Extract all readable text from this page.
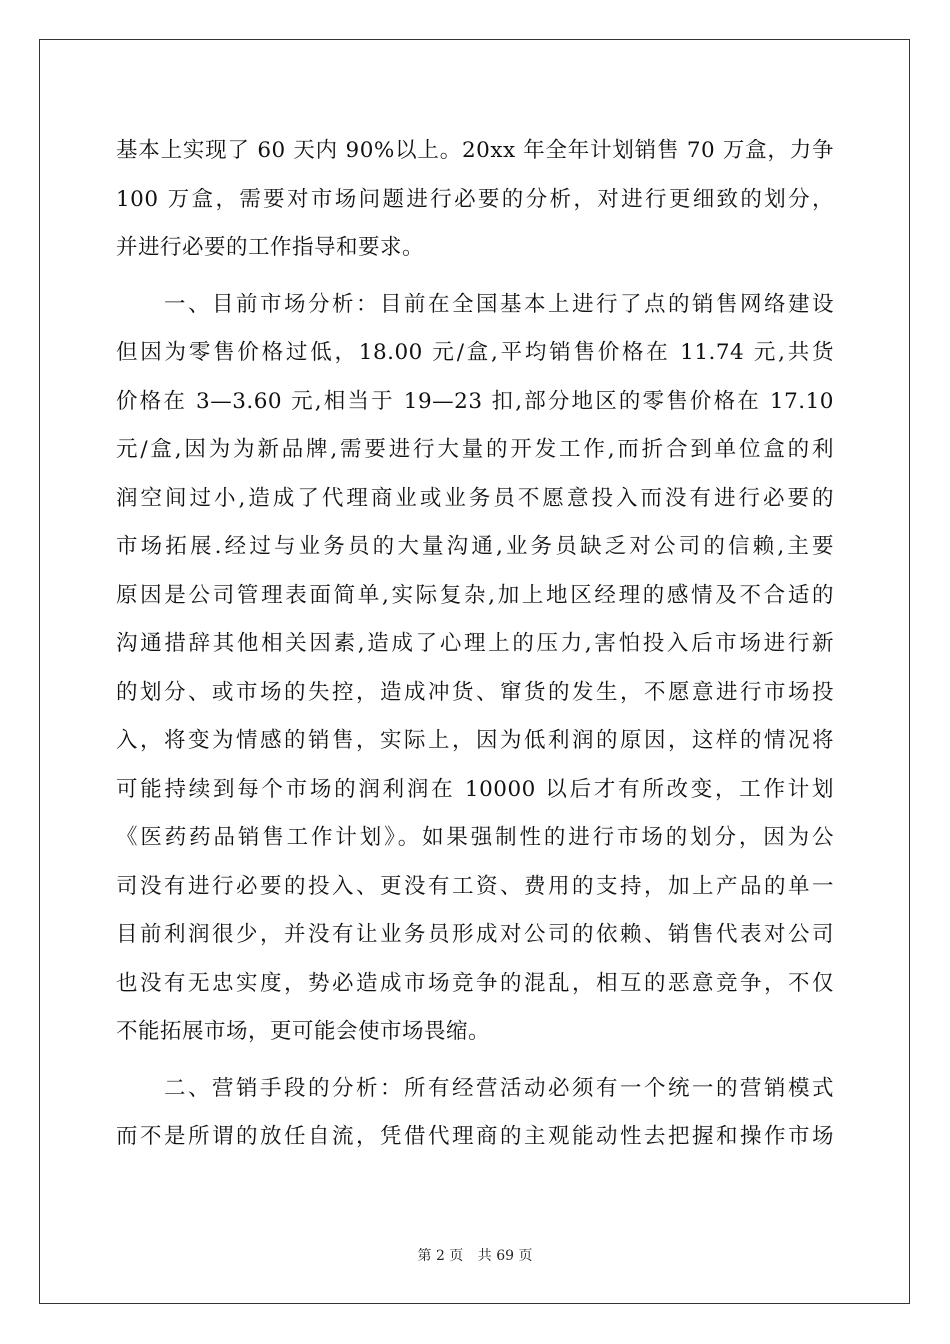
基本上实现了 60 天内 90%以上。20xx 年全年计划销售 70 万盒，力争
100 万盒，需要对市场问题进行必要的分析，对进行更细致的划分，
并进行必要的工作指导和要求。
　　一、目前市场分析：目前在全国基本上进行了点的销售网络建设
但因为零售价格过低，18.00 元/盒,平均销售价格在 11.74 元,共货
价格在 3—3.60 元,相当于 19—23 扣,部分地区的零售价格在 17.10
元/盒,因为为新品牌,需要进行大量的开发工作,而折合到单位盒的利
润空间过小,造成了代理商业或业务员不愿意投入而没有进行必要的
市场拓展.经过与业务员的大量沟通,业务员缺乏对公司的信赖,主要
原因是公司管理表面简单,实际复杂,加上地区经理的感情及不合适的
沟通措辞其他相关因素,造成了心理上的压力,害怕投入后市场进行新
的划分、或市场的失控，造成冲货、窜货的发生，不愿意进行市场投
入，将变为情感的销售，实际上，因为低利润的原因，这样的情况将
可能持续到每个市场的润利润在 10000 以后才有所改变，工作计划
《医药药品销售工作计划》。如果强制性的进行市场的划分，因为公
司没有进行必要的投入、更没有工资、费用的支持，加上产品的单一
目前利润很少，并没有让业务员形成对公司的依赖、销售代表对公司
也没有无忠实度，势必造成市场竞争的混乱，相互的恶意竞争，不仅
不能拓展市场，更可能会使市场畏缩。
　　二、营销手段的分析：所有经营活动必须有一个统一的营销模式
而不是所谓的放任自流，凭借代理商的主观能动性去把握和操作市场
第 2 页 共 69 页
